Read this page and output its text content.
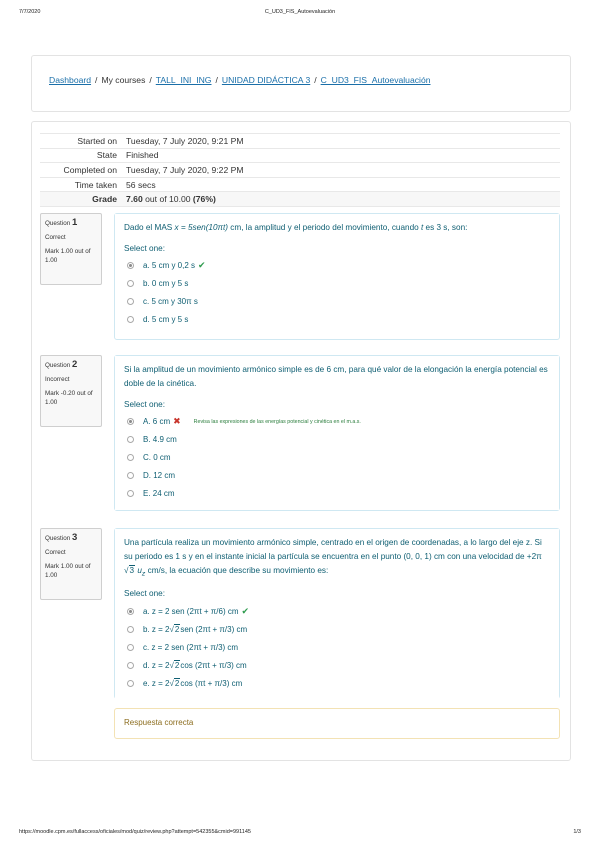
7/7/2020	C_UD3_FIS_Autoevaluación
Dashboard / My courses / TALL_INI_ING / UNIDAD DIDÁCTICA 3 / C_UD3_FIS_Autoevaluación
Started on	Tuesday, 7 July 2020, 9:21 PM
State	Finished
Completed on	Tuesday, 7 July 2020, 9:22 PM
Time taken	56 secs
Grade	7.60 out of 10.00 (76%)
Question 1
Correct
Mark 1.00 out of 1.00
Dado el MAS x = 5sen(10πt) cm, la amplitud y el periodo del movimiento, cuando t es 3 s, son:
Select one:
a. 5 cm y 0,2 s ✔
b. 0 cm y 5 s
c. 5 cm y 30π s
d. 5 cm y 5 s
Question 2
Incorrect
Mark -0.20 out of 1.00
Si la amplitud de un movimiento armónico simple es de 6 cm, para qué valor de la elongación la energía potencial es doble de la cinética.
Select one:
A. 6 cm ✖ Revisa las expresiones de las energías potencial y cinética en el m.a.s.
B. 4.9 cm
C. 0 cm
D. 12 cm
E. 24 cm
Question 3
Correct
Mark 1.00 out of 1.00
Una partícula realiza un movimiento armónico simple, centrado en el origen de coordenadas, a lo largo del eje z. Si su periodo es 1 s y en el instante inicial la partícula se encuentra en el punto (0, 0, 1) cm con una velocidad de +2π√3 $u_z$ cm/s, la ecuación que describe su movimiento es:
Select one:
a. z = 2 sen (2πt + π/6) cm ✔
b. z = 2 √2 sen (2πt + π/3) cm
c. z = 2 sen (2πt + π/3) cm
d. z = 2 √2 cos (2πt + π/3) cm
e. z = 2 √2 cos (πt + π/3) cm
Respuesta correcta
https://moodle.cpm.es/fullaccess/oficiales/mod/quiz/review.php?attempt=542355&cmid=991145	1/3
